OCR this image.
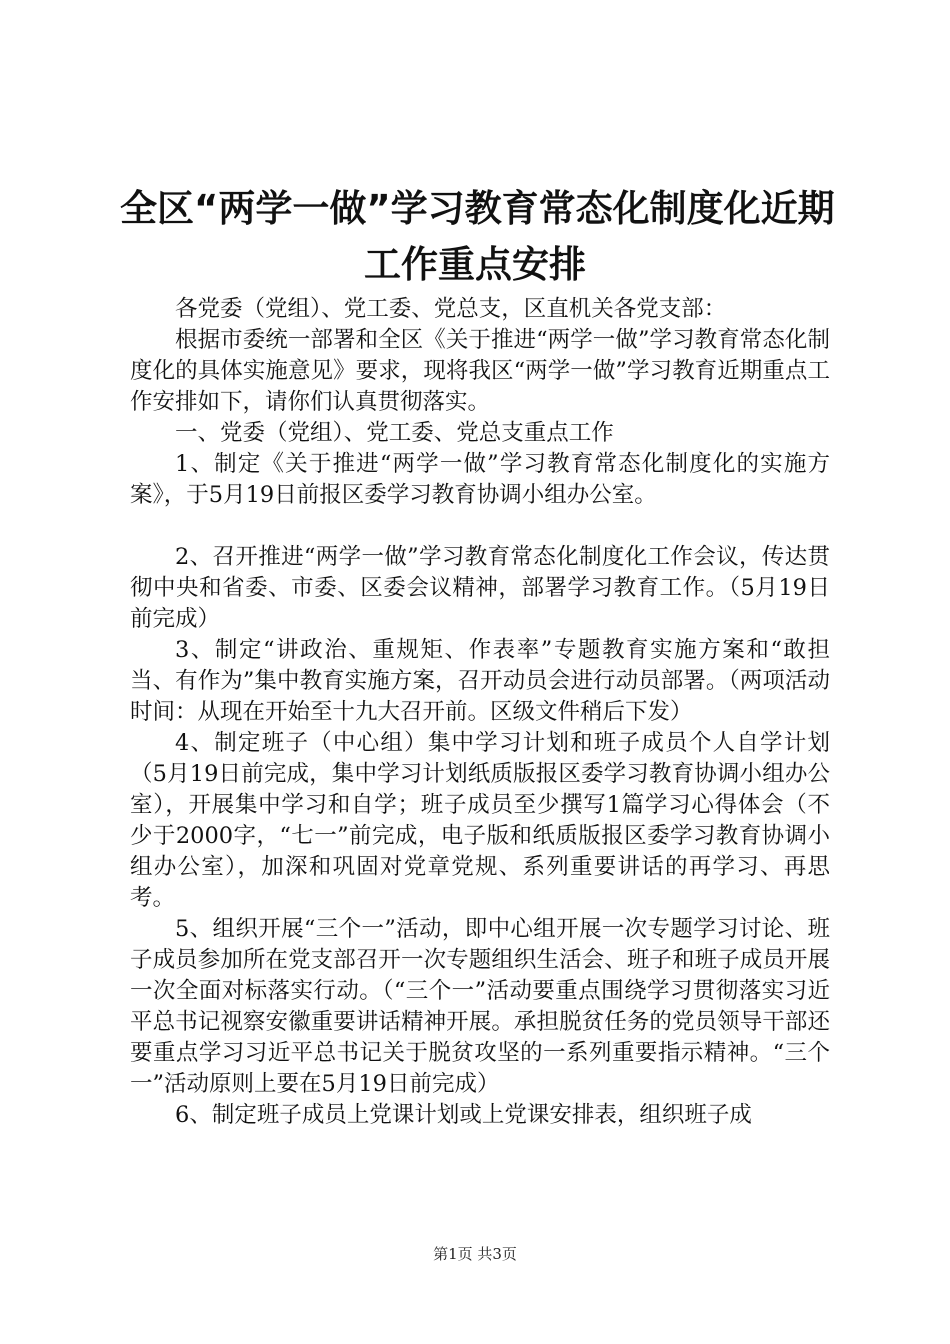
全区“两学一做”学习教育常态化制度化近期
工作重点安排

各党委（党组）、党工委、党总支，区直机关各党支部：

根据市委统一部署和全区《关于推进“两学一做”学习教育常态化制度化的具体实施意见》要求，现将我区“两学一做”学习教育近期重点工作安排如下，请你们认真贯彻落实。

一、党委（党组）、党工委、党总支重点工作

1、制定《关于推进“两学一做”学习教育常态化制度化的实施方案》，于5月19日前报区委学习教育协调小组办公室。

2、召开推进“两学一做”学习教育常态化制度化工作会议，传达贯彻中央和省委、市委、区委会议精神，部署学习教育工作。（5月19日前完成）

3、制定“讲政治、重规矩、作表率”专题教育实施方案和“敢担当、有作为”集中教育实施方案，召开动员会进行动员部署。（两项活动时间：从现在开始至十九大召开前。区级文件稍后下发）

4、制定班子（中心组）集中学习计划和班子成员个人自学计划（5月19日前完成，集中学习计划纸质版报区委学习教育协调小组办公室），开展集中学习和自学；班子成员至少撰写1篇学习心得体会（不少于2000字，“七一”前完成，电子版和纸质版报区委学习教育协调小组办公室），加深和巩固对党章党规、系列重要讲话的再学习、再思考。

5、组织开展“三个一”活动，即中心组开展一次专题学习讨论、班子成员参加所在党支部召开一次专题组织生活会、班子和班子成员开展一次全面对标落实行动。（“三个一”活动要重点围绕学习贯彻落实习近平总书记视察安徽重要讲话精神开展。承担脱贫任务的党员领导干部还要重点学习习近平总书记关于脱贫攻坚的一系列重要指示精神。“三个一”活动原则上要在5月19日前完成）

6、制定班子成员上党课计划或上党课安排表，组织班子成

第1页 共3页
